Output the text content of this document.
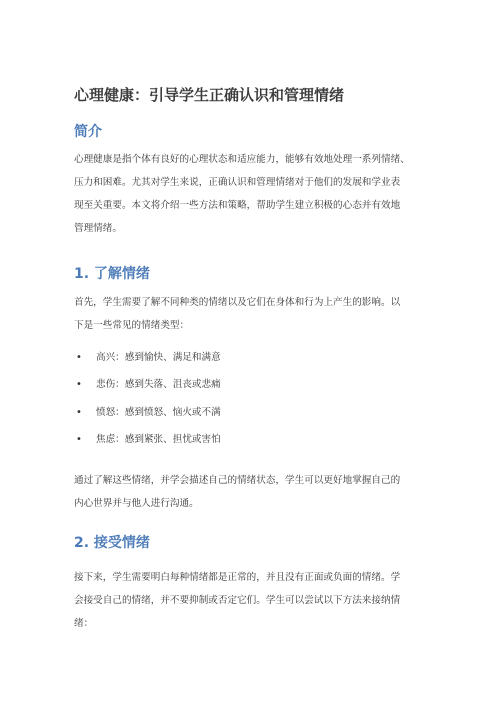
心理健康：引导学生正确认识和管理情绪
简介
心理健康是指个体有良好的心理状态和适应能力，能够有效地处理一系列情绪、
压力和困难。尤其对学生来说，正确认识和管理情绪对于他们的发展和学业表
现至关重要。本文将介绍一些方法和策略，帮助学生建立积极的心态并有效地
管理情绪。
1. 了解情绪
首先，学生需要了解不同种类的情绪以及它们在身体和行为上产生的影响。以
下是一些常见的情绪类型：
• 高兴：感到愉快、满足和满意
• 悲伤：感到失落、沮丧或悲痛
• 愤怒：感到愤怒、恼火或不满
• 焦虑：感到紧张、担忧或害怕
通过了解这些情绪，并学会描述自己的情绪状态，学生可以更好地掌握自己的
内心世界并与他人进行沟通。
2. 接受情绪
接下来，学生需要明白每种情绪都是正常的，并且没有正面或负面的情绪。学
会接受自己的情绪，并不要抑制或否定它们。学生可以尝试以下方法来接纳情
绪：
